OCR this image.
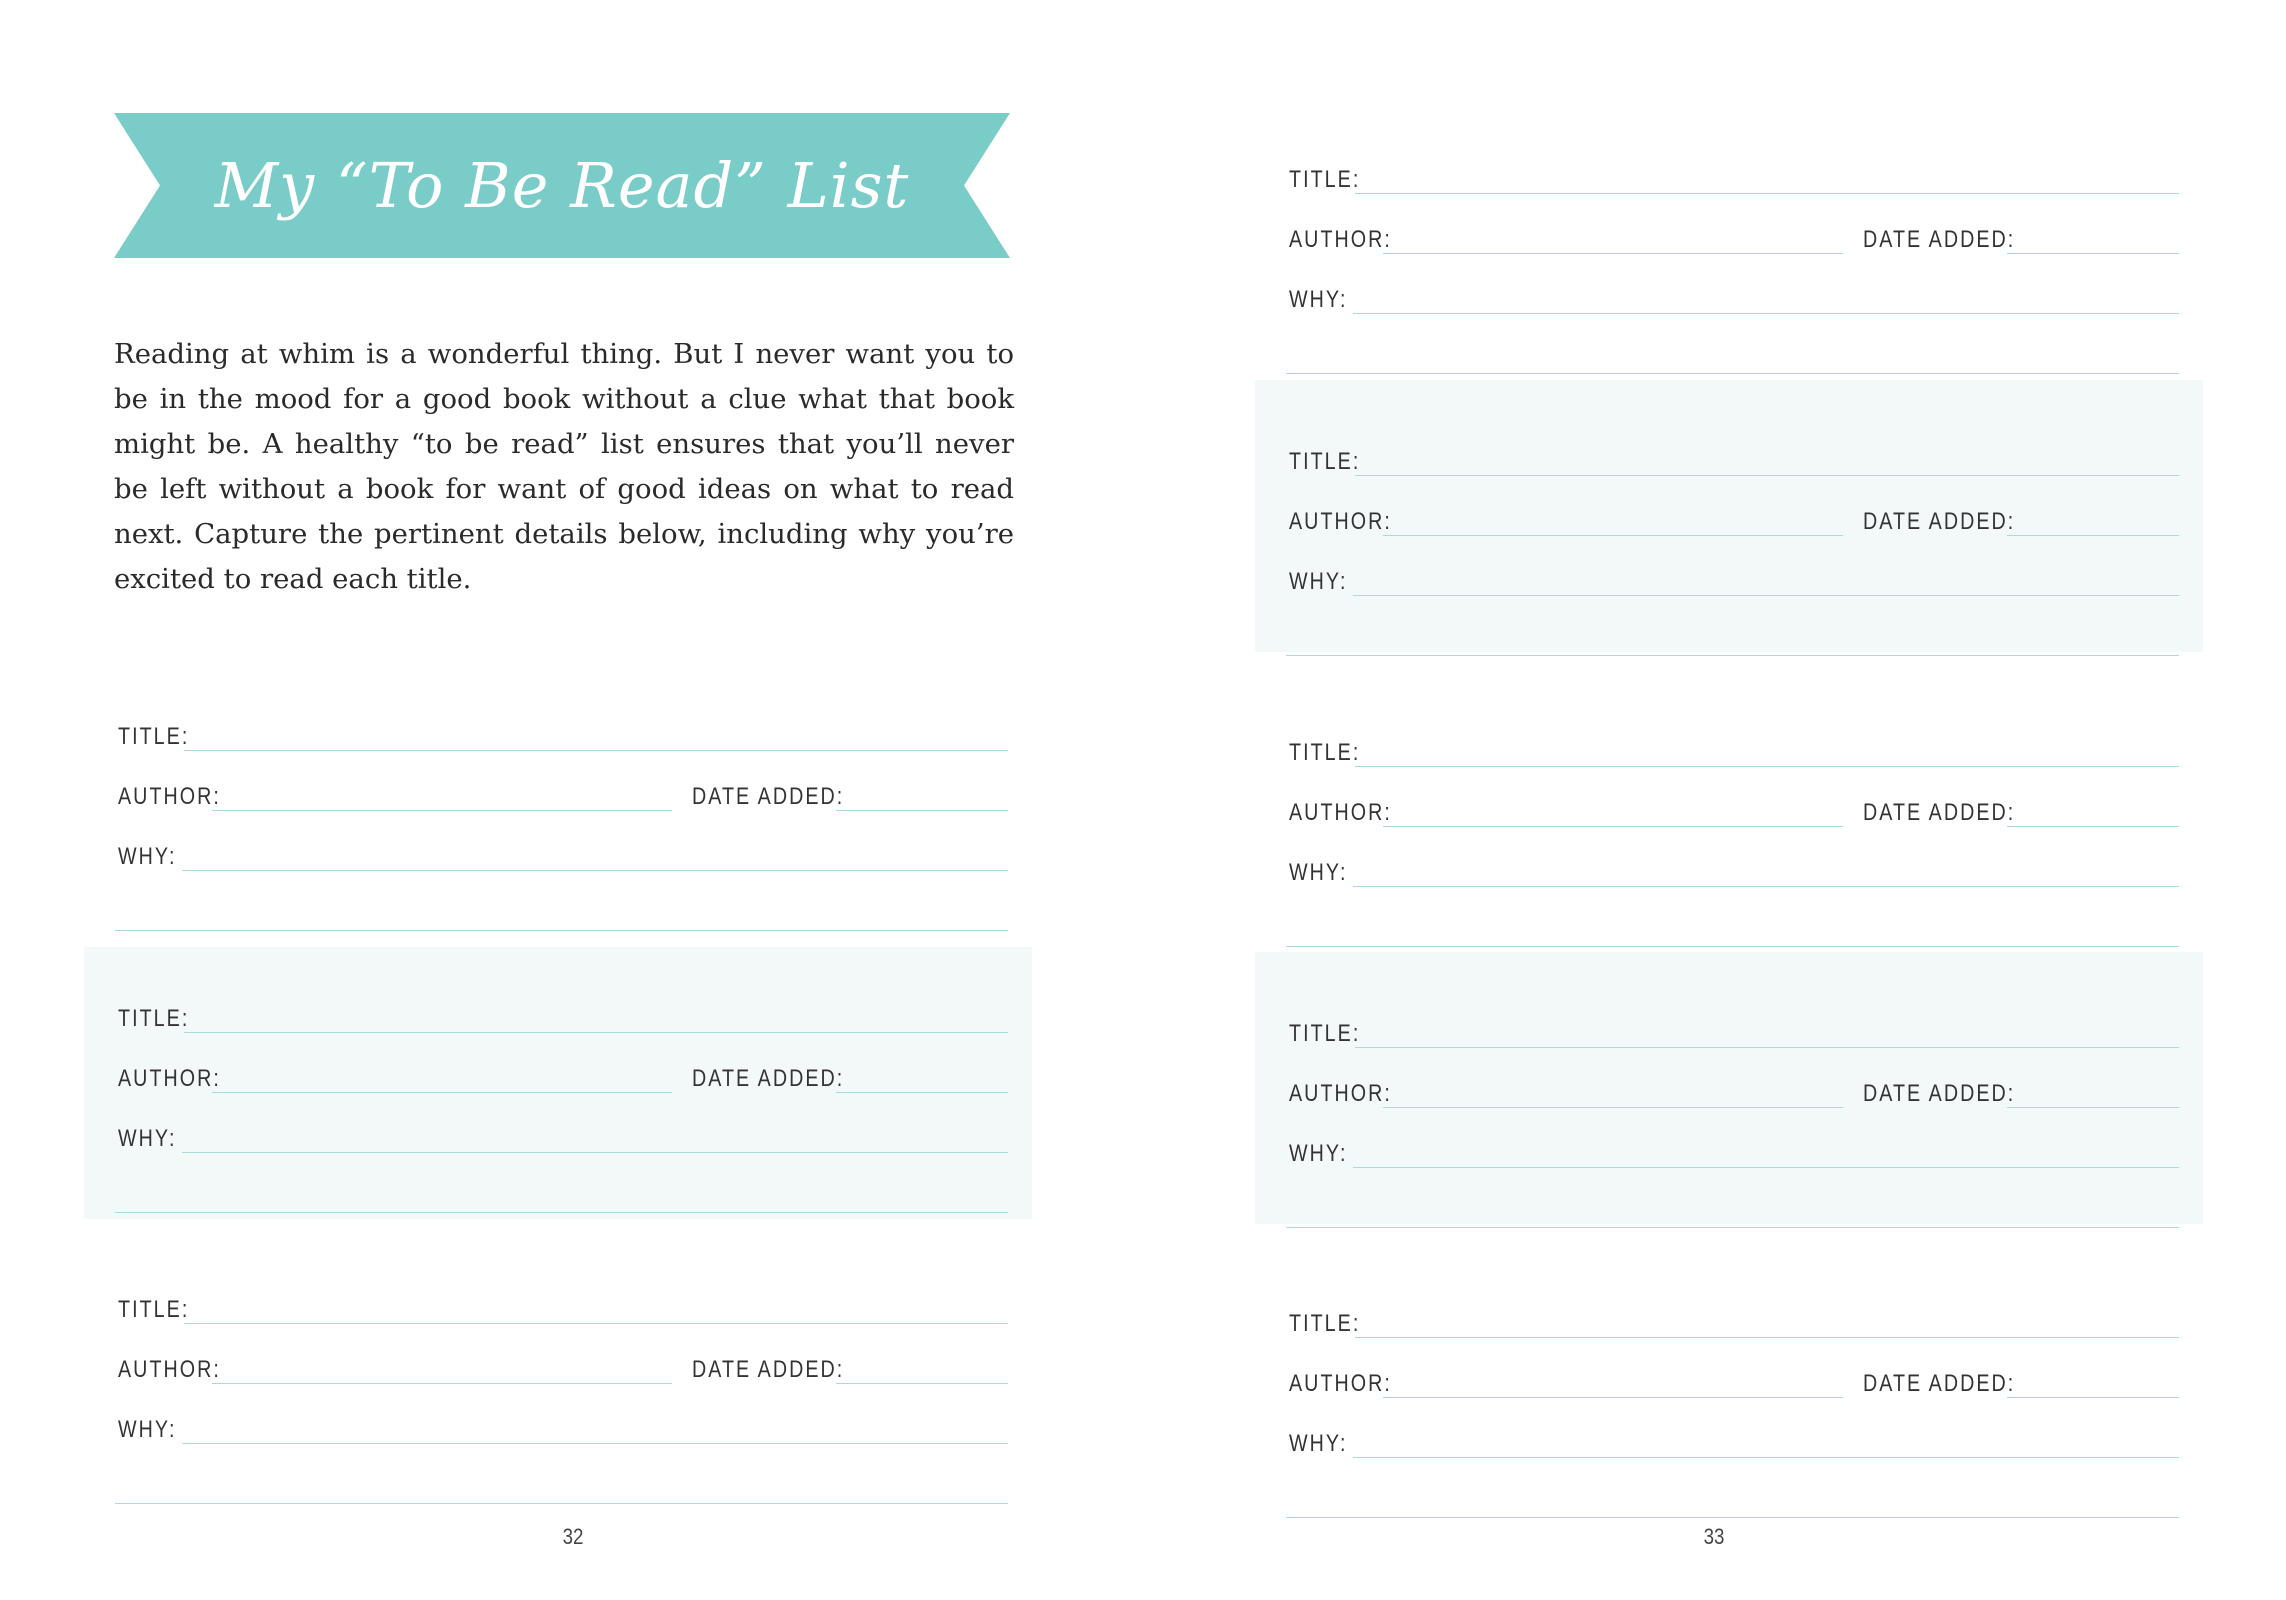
My “To Be Read” List

Reading at whim is a wonderful thing. But I never want you to be in the mood for a good book without a clue what that book might be. A healthy “to be read” list ensures that you’ll never be left without a book for want of good ideas on what to read next. Capture the pertinent details below, including why you’re excited to read each title.

TITLE:
AUTHOR:	DATE ADDED:
WHY:
TITLE:
AUTHOR:	DATE ADDED:
WHY:
TITLE:
AUTHOR:	DATE ADDED:
WHY:
32
TITLE:
AUTHOR:	DATE ADDED:
WHY:
TITLE:
AUTHOR:	DATE ADDED:
WHY:
TITLE:
AUTHOR:	DATE ADDED:
WHY:
TITLE:
AUTHOR:	DATE ADDED:
WHY:
TITLE:
AUTHOR:	DATE ADDED:
WHY:
33
